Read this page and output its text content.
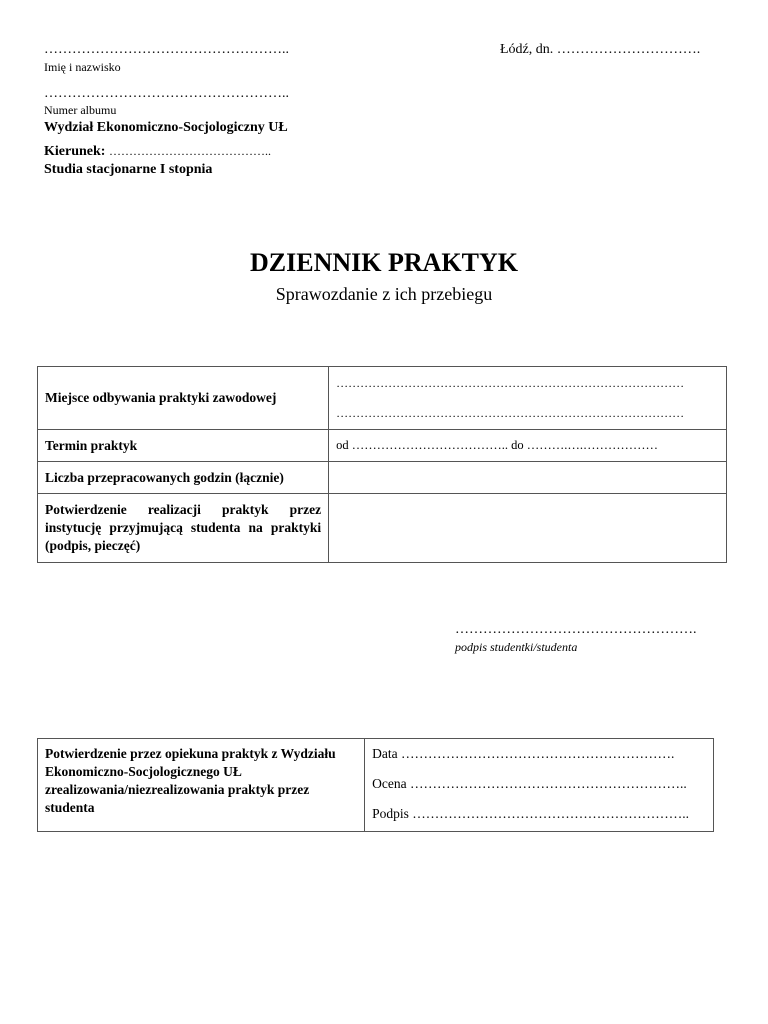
……………………………………………..
Imię i nazwisko
Łódź, dn. ………………………….
……………………………………………..
Numer albumu
Wydział Ekonomiczno-Socjologiczny UŁ
Kierunek: …………………………………..
Studia stacjonarne I stopnia
DZIENNIK PRAKTYK
Sprawozdanie z ich przebiegu
Miejsce odbywania praktyki zawodowej	……………………………………………………………………………
……………………………………………………………………………

Termin praktyk	od ……………………………….. do ……….….………………
Liczba przepracowanych godzin (łącznie)	

Potwierdzenie realizacji praktyk przez instytucję przyjmującą studenta na praktyki (podpis, pieczęć)	

…………………………………………….
podpis studentki/studenta
Potwierdzenie przez opiekuna praktyk z Wydziału Ekonomiczno-Socjologicznego UŁ zrealizowania/niezrealizowania praktyk przez studenta	
Data …………………………………………………….
Ocena ……………………………………………………..
Podpis ……………………………………………………..
